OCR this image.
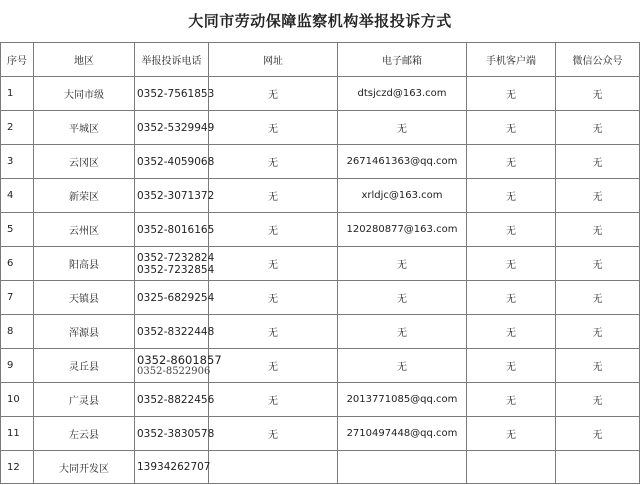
大同市劳动保障监察机构举报投诉方式
序号	地区	举报投诉电话	网址	电子邮箱	手机客户端	微信公众号
1	大同市级	0352-7561853	无	dtsjczd@163.com	无	无
2	平城区	0352-5329949	无	无	无	无
3	云冈区	0352-4059068	无	2671461363@qq.com	无	无
4	新荣区	0352-3071372	无	xrldjc@163.com	无	无
5	云州区	0352-8016165	无	120280877@163.com	无	无
6	阳高县	0352-7232824
0352-7232854	无	无	无	无
7	天镇县	0325-6829254	无	无	无	无
8	浑源县	0352-8322448	无	无	无	无
9	灵丘县	0352-8601857
0352-8522906	无	无	无	无
10	广灵县	0352-8822456	无	2013771085@qq.com	无	无
11	左云县	0352-3830578	无	2710497448@qq.com	无	无
12	大同开发区	13934262707				
